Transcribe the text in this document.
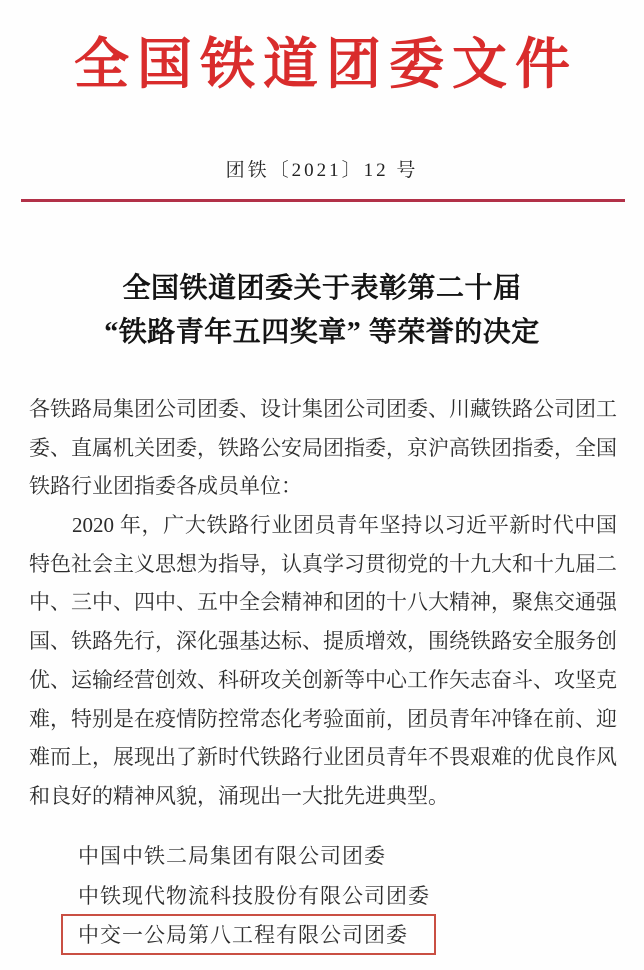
全国铁道团委文件
团铁〔2021〕12 号
全国铁道团委关于表彰第二十届
“铁路青年五四奖章” 等荣誉的决定
各铁路局集团公司团委、设计集团公司团委、川藏铁路公司团工
委、直属机关团委，铁路公安局团指委，京沪高铁团指委，全国
铁路行业团指委各成员单位：
2020 年，广大铁路行业团员青年坚持以习近平新时代中国
特色社会主义思想为指导，认真学习贯彻党的十九大和十九届二
中、三中、四中、五中全会精神和团的十八大精神，聚焦交通强
国、铁路先行，深化强基达标、提质增效，围绕铁路安全服务创
优、运输经营创效、科研攻关创新等中心工作矢志奋斗、攻坚克
难，特别是在疫情防控常态化考验面前，团员青年冲锋在前、迎
难而上，展现出了新时代铁路行业团员青年不畏艰难的优良作风
和良好的精神风貌，涌现出一大批先进典型。
中国中铁二局集团有限公司团委
中铁现代物流科技股份有限公司团委
中交一公局第八工程有限公司团委
